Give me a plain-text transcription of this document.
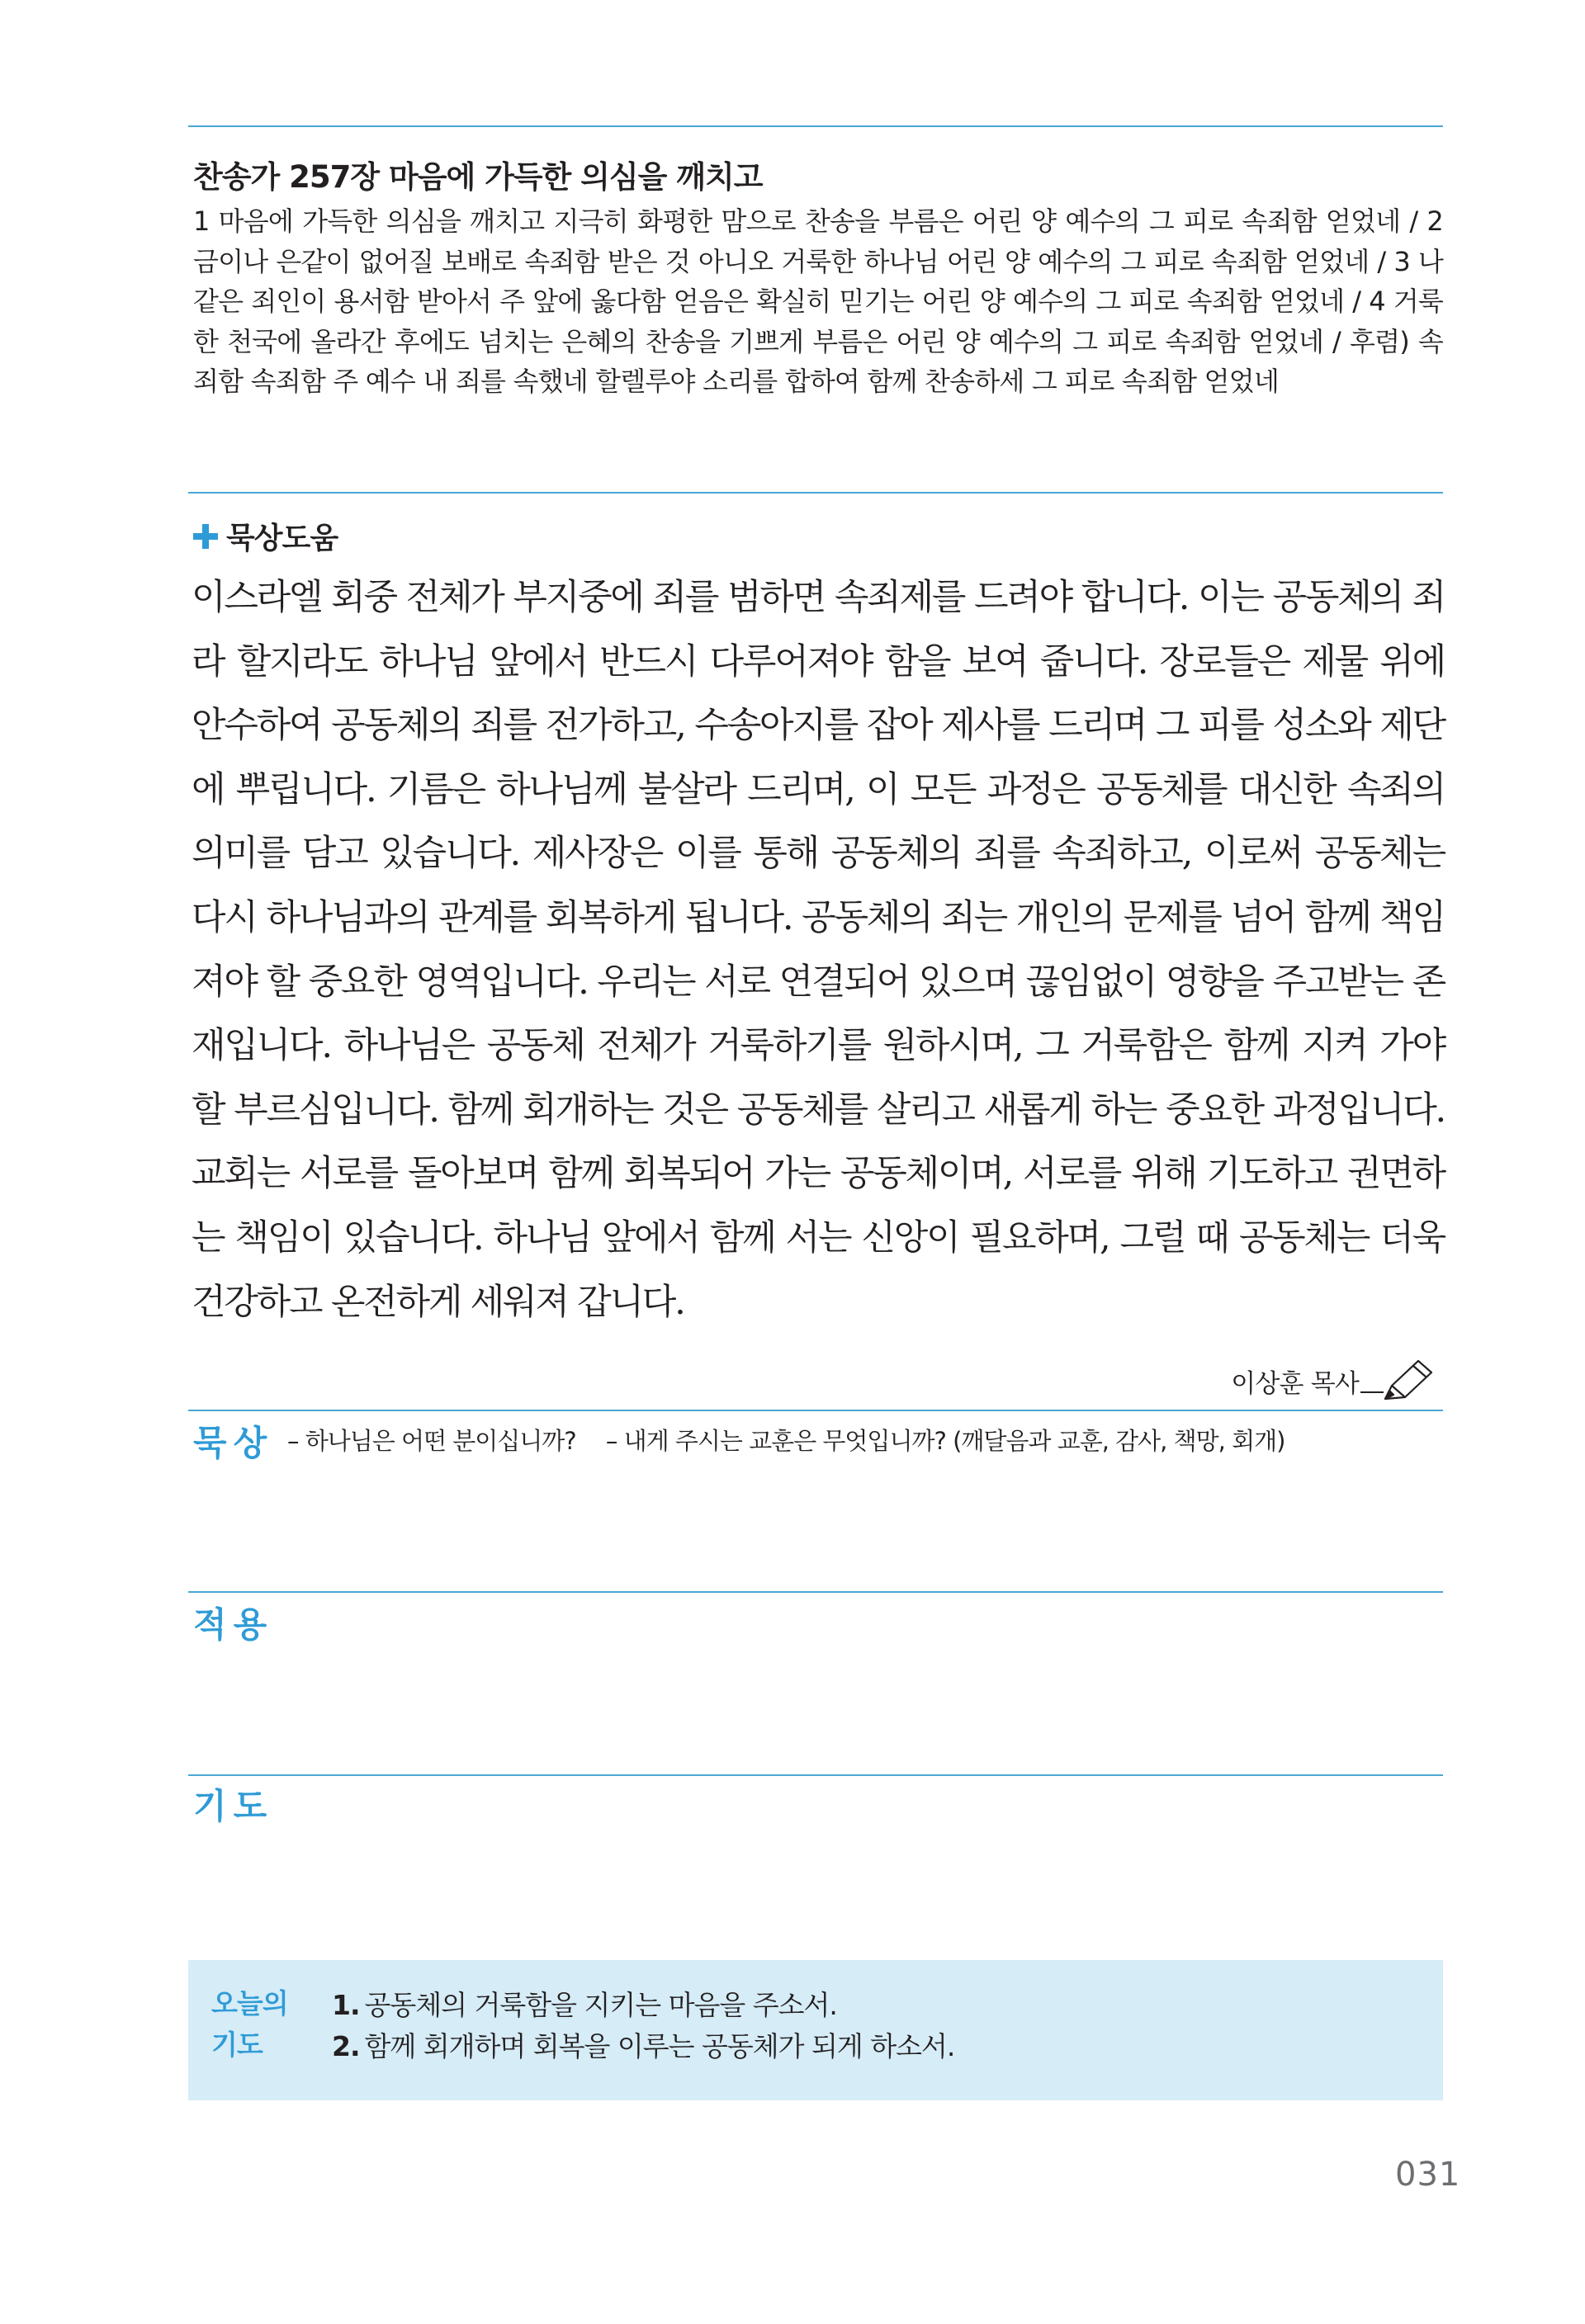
찬송가 257장 마음에 가득한 의심을 깨치고
1 마음에 가득한 의심을 깨치고 지극히 화평한 맘으로 찬송을 부름은 어린 양 예수의 그 피로 속죄함 얻었네 / 2 금이나 은같이 없어질 보배로 속죄함 받은 것 아니오 거룩한 하나님 어린 양 예수의 그 피로 속죄함 얻었네 / 3 나 같은 죄인이 용서함 받아서 주 앞에 옳다함 얻음은 확실히 믿기는 어린 양 예수의 그 피로 속죄함 얻었네 / 4 거룩한 천국에 올라간 후에도 넘치는 은혜의 찬송을 기쁘게 부름은 어린 양 예수의 그 피로 속죄함 얻었네 / 후렴) 속죄함 속죄함 주 예수 내 죄를 속했네 할렐루야 소리를 합하여 함께 찬송하세 그 피로 속죄함 얻었네
묵상도움
이스라엘 회중 전체가 부지중에 죄를 범하면 속죄제를 드려야 합니다. 이는 공동체의 죄라 할지라도 하나님 앞에서 반드시 다루어져야 함을 보여 줍니다. 장로들은 제물 위에 안수하여 공동체의 죄를 전가하고, 수송아지를 잡아 제사를 드리며 그 피를 성소와 제단에 뿌립니다. 기름은 하나님께 불살라 드리며, 이 모든 과정은 공동체를 대신한 속죄의 의미를 담고 있습니다. 제사장은 이를 통해 공동체의 죄를 속죄하고, 이로써 공동체는 다시 하나님과의 관계를 회복하게 됩니다. 공동체의 죄는 개인의 문제를 넘어 함께 책임져야 할 중요한 영역입니다. 우리는 서로 연결되어 있으며 끊임없이 영향을 주고받는 존재입니다. 하나님은 공동체 전체가 거룩하기를 원하시며, 그 거룩함은 함께 지켜 가야 할 부르심입니다. 함께 회개하는 것은 공동체를 살리고 새롭게 하는 중요한 과정입니다. 교회는 서로를 돌아보며 함께 회복되어 가는 공동체이며, 서로를 위해 기도하고 권면하는 책임이 있습니다. 하나님 앞에서 함께 서는 신앙이 필요하며, 그럴 때 공동체는 더욱 건강하고 온전하게 세워져 갑니다.
이상훈 목사
묵상 – 하나님은 어떤 분이십니까? – 내게 주시는 교훈은 무엇입니까? (깨달음과 교훈, 감사, 책망, 회개)
적용
기도
오늘의
기도
1. 공동체의 거룩함을 지키는 마음을 주소서.
2. 함께 회개하며 회복을 이루는 공동체가 되게 하소서.
031
